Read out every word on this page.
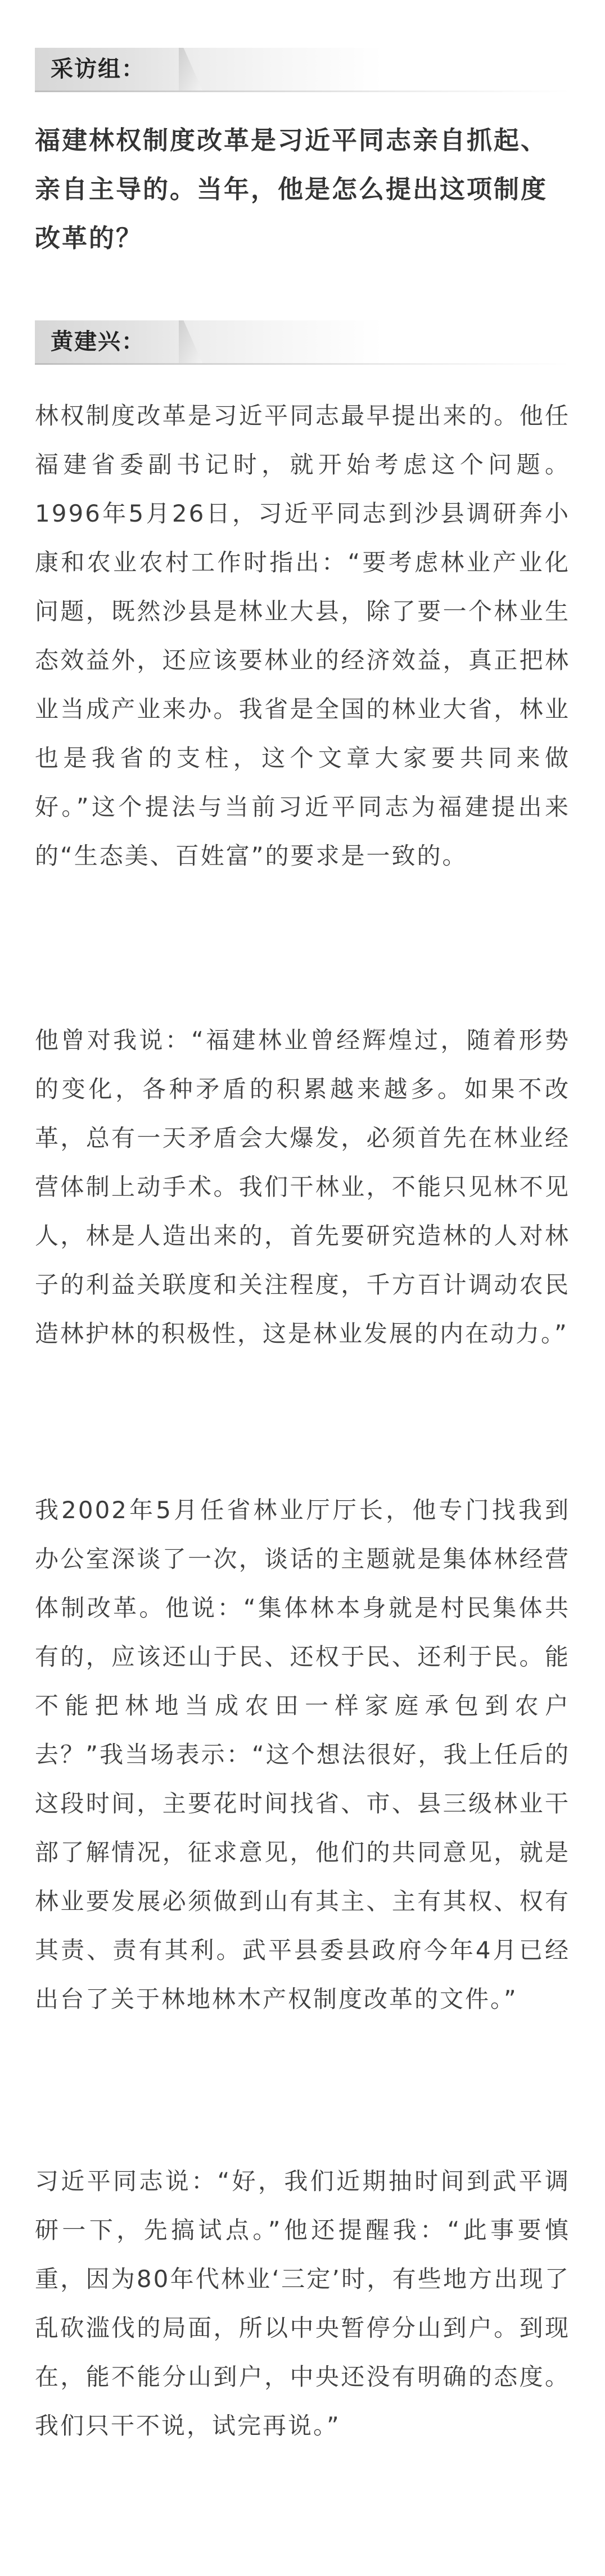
采访组：

福建林权制度改革是习近平同志亲自抓起、亲自主导的。当年，他是怎么提出这项制度改革的？

黄建兴：

林权制度改革是习近平同志最早提出来的。他任福建省委副书记时，就开始考虑这个问题。1996年5月26日，习近平同志到沙县调研奔小康和农业农村工作时指出：“要考虑林业产业化问题，既然沙县是林业大县，除了要一个林业生态效益外，还应该要林业的经济效益，真正把林业当成产业来办。我省是全国的林业大省，林业也是我省的支柱，这个文章大家要共同来做好。”这个提法与当前习近平同志为福建提出来的“生态美、百姓富”的要求是一致的。

他曾对我说：“福建林业曾经辉煌过，随着形势的变化，各种矛盾的积累越来越多。如果不改革，总有一天矛盾会大爆发，必须首先在林业经营体制上动手术。我们干林业，不能只见林不见人，林是人造出来的，首先要研究造林的人对林子的利益关联度和关注程度，千方百计调动农民造林护林的积极性，这是林业发展的内在动力。”

我2002年5月任省林业厅厅长，他专门找我到办公室深谈了一次，谈话的主题就是集体林经营体制改革。他说：“集体林本身就是村民集体共有的，应该还山于民、还权于民、还利于民。能不能把林地当成农田一样家庭承包到农户去？”我当场表示：“这个想法很好，我上任后的这段时间，主要花时间找省、市、县三级林业干部了解情况，征求意见，他们的共同意见，就是林业要发展必须做到山有其主、主有其权、权有其责、责有其利。武平县委县政府今年4月已经出台了关于林地林木产权制度改革的文件。”

习近平同志说：“好，我们近期抽时间到武平调研一下，先搞试点。”他还提醒我：“此事要慎重，因为80年代林业‘三定’时，有些地方出现了乱砍滥伐的局面，所以中央暂停分山到户。到现在，能不能分山到户，中央还没有明确的态度。我们只干不说，试完再说。”
